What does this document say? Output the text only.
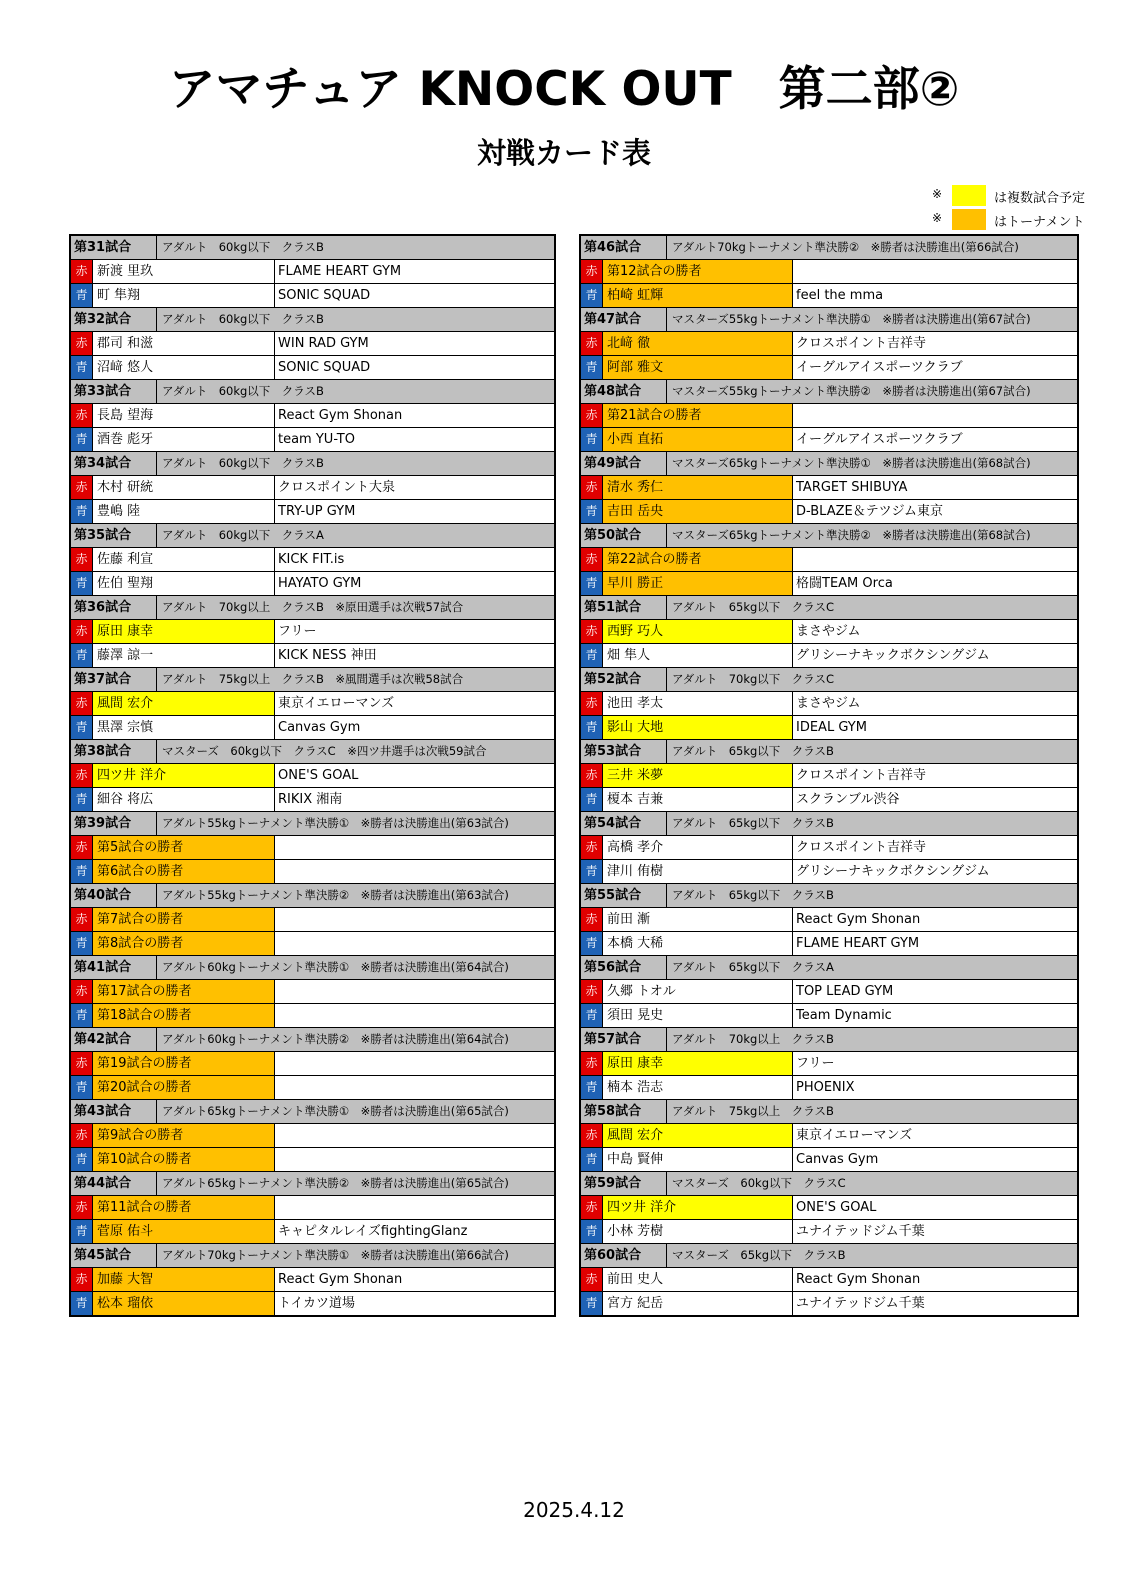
アマチュア KNOCK OUT　第二部②
対戦カード表
※	は複数試合予定
※	はトーナメント
第31試合	アダルト　60kg以下　クラスB
赤 新渡 里玖	FLAME HEART GYM
青 町 隼翔	SONIC SQUAD
第32試合	アダルト　60kg以下　クラスB
赤 郡司 和滋	WIN RAD GYM
青 沼﨑 悠人	SONIC SQUAD
第33試合	アダルト　60kg以下　クラスB
赤 長島 望海	React Gym Shonan
青 酒巻 彪牙	team YU-TO
第34試合	アダルト　60kg以下　クラスB
赤 木村 研統	クロスポイント大泉
青 豊嶋 陸	TRY-UP GYM
第35試合	アダルト　60kg以下　クラスA
赤 佐藤 利宣	KICK FIT.is
青 佐伯 聖翔	HAYATO GYM
第36試合	アダルト　70kg以上　クラスB　※原田選手は次戦57試合
赤 原田 康幸	フリー
青 藤澤 諒一	KICK NESS 神田
第37試合	アダルト　75kg以上　クラスB　※風間選手は次戦58試合
赤 風間 宏介	東京イエローマンズ
青 黒澤 宗慎	Canvas Gym
第38試合	マスターズ　60kg以下　クラスC　※四ツ井選手は次戦59試合
赤 四ツ井 洋介	ONE'S GOAL
青 細谷 将広	RIKIX 湘南
第39試合	アダルト55kgトーナメント準決勝①　※勝者は決勝進出(第63試合)
赤 第5試合の勝者
青 第6試合の勝者
第40試合	アダルト55kgトーナメント準決勝②　※勝者は決勝進出(第63試合)
赤 第7試合の勝者
青 第8試合の勝者
第41試合	アダルト60kgトーナメント準決勝①　※勝者は決勝進出(第64試合)
赤 第17試合の勝者
青 第18試合の勝者
第42試合	アダルト60kgトーナメント準決勝②　※勝者は決勝進出(第64試合)
赤 第19試合の勝者
青 第20試合の勝者
第43試合	アダルト65kgトーナメント準決勝①　※勝者は決勝進出(第65試合)
赤 第9試合の勝者
青 第10試合の勝者
第44試合	アダルト65kgトーナメント準決勝②　※勝者は決勝進出(第65試合)
赤 第11試合の勝者
青 菅原 佑斗	キャピタルレイズfightingGlanz
第45試合	アダルト70kgトーナメント準決勝①　※勝者は決勝進出(第66試合)
赤 加藤 大智	React Gym Shonan
青 松本 瑠依	トイカツ道場
第46試合	アダルト70kgトーナメント準決勝②　※勝者は決勝進出(第66試合)
赤 第12試合の勝者
青 柏崎 虹輝	feel the mma
第47試合	マスターズ55kgトーナメント準決勝①　※勝者は決勝進出(第67試合)
赤 北﨑 徹	クロスポイント吉祥寺
青 阿部 雅文	イーグルアイスポーツクラブ
第48試合	マスターズ55kgトーナメント準決勝②　※勝者は決勝進出(第67試合)
赤 第21試合の勝者
青 小西 直拓	イーグルアイスポーツクラブ
第49試合	マスターズ65kgトーナメント準決勝①　※勝者は決勝進出(第68試合)
赤 清水 秀仁	TARGET SHIBUYA
青 吉田 岳央	D-BLAZE＆テツジム東京
第50試合	マスターズ65kgトーナメント準決勝②　※勝者は決勝進出(第68試合)
赤 第22試合の勝者
青 早川 勝正	格闘TEAM Orca
第51試合	アダルト　65kg以下　クラスC
赤 西野 巧人	まさやジム
青 畑 隼人	グリシーナキックボクシングジム
第52試合	アダルト　70kg以下　クラスC
赤 池田 孝太	まさやジム
青 影山 大地	IDEAL GYM
第53試合	アダルト　65kg以下　クラスB
赤 三井 米夢	クロスポイント吉祥寺
青 榎本 吉兼	スクランブル渋谷
第54試合	アダルト　65kg以下　クラスB
赤 高橋 孝介	クロスポイント吉祥寺
青 津川 侑樹	グリシーナキックボクシングジム
第55試合	アダルト　65kg以下　クラスB
赤 前田 漸	React Gym Shonan
青 本橋 大稀	FLAME HEART GYM
第56試合	アダルト　65kg以下　クラスA
赤 久郷 トオル	TOP LEAD GYM
青 須田 晃史	Team Dynamic
第57試合	アダルト　70kg以上　クラスB
赤 原田 康幸	フリー
青 楠本 浩志	PHOENIX
第58試合	アダルト　75kg以上　クラスB
赤 風間 宏介	東京イエローマンズ
青 中島 賢伸	Canvas Gym
第59試合	マスターズ　60kg以下　クラスC
赤 四ツ井 洋介	ONE'S GOAL
青 小林 芳樹	ユナイテッドジム千葉
第60試合	マスターズ　65kg以下　クラスB
赤 前田 史人	React Gym Shonan
青 宮方 紀岳	ユナイテッドジム千葉
2025.4.12
